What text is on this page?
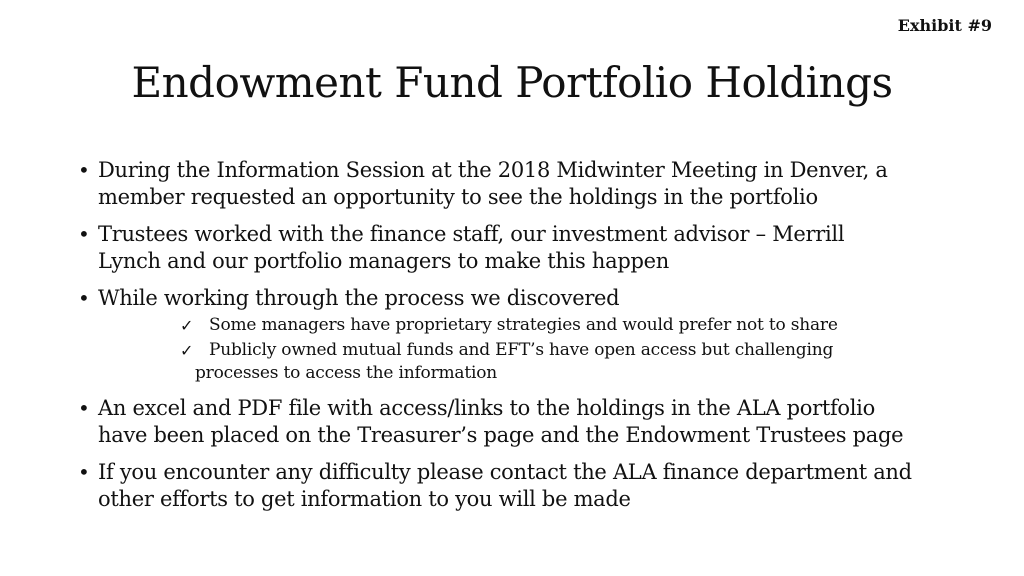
Exhibit #9
Endowment Fund Portfolio Holdings
• During the Information Session at the 2018 Midwinter Meeting in Denver, a
member requested an opportunity to see the holdings in the portfolio
• Trustees worked with the finance staff, our investment advisor – Merrill
Lynch and our portfolio managers to make this happen
• While working through the process we discovered
✓ Some managers have proprietary strategies and would prefer not to share
✓ Publicly owned mutual funds and EFT’s have open access but challenging
processes to access the information
• An excel and PDF file with access/links to the holdings in the ALA portfolio
have been placed on the Treasurer’s page and the Endowment Trustees page
• If you encounter any difficulty please contact the ALA finance department and
other efforts to get information to you will be made
